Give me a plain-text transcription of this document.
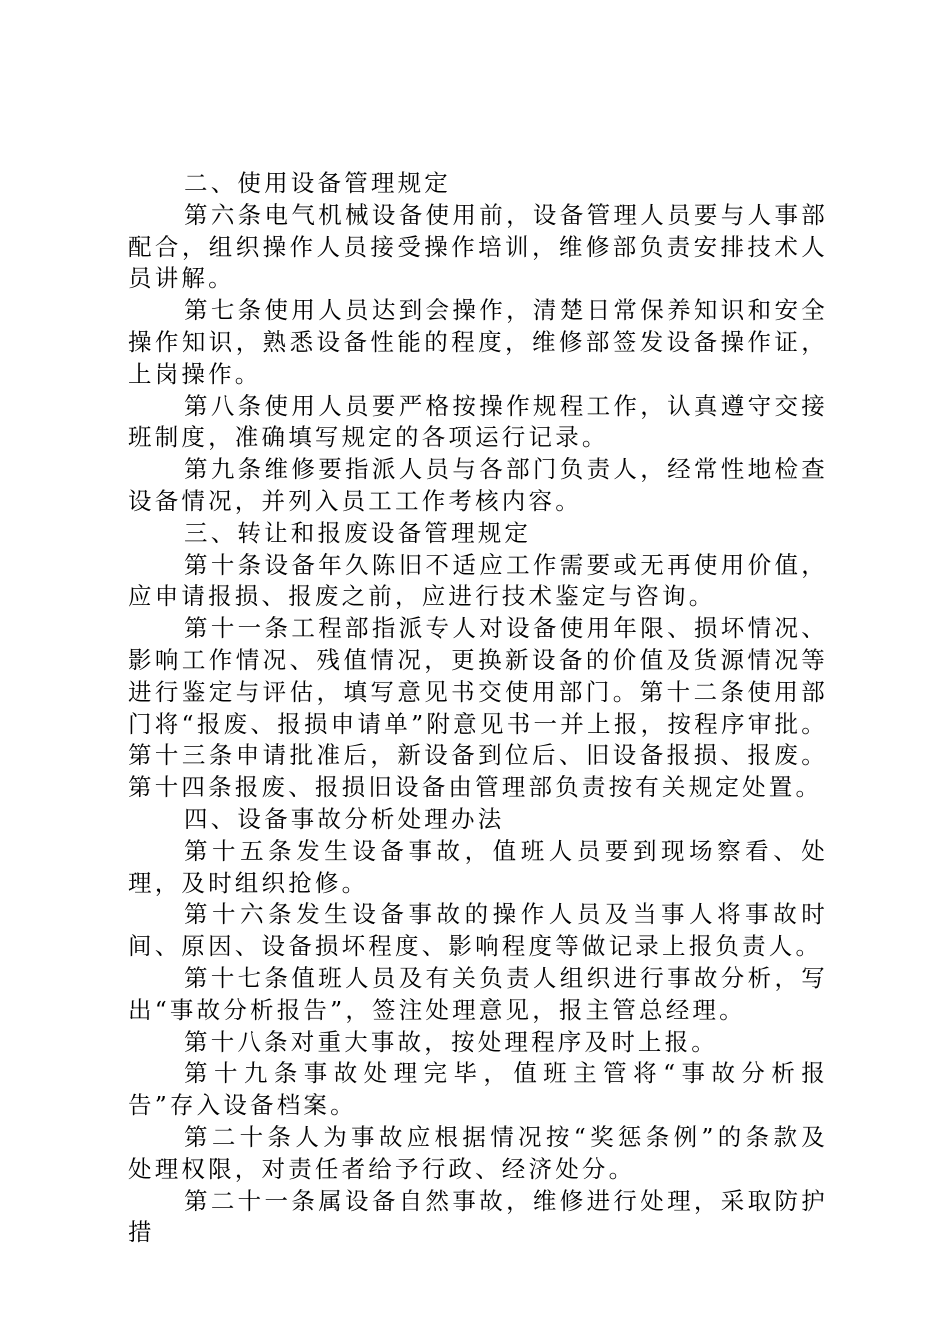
二、使用设备管理规定

第六条电气机械设备使用前，设备管理人员要与人事部配合，组织操作人员接受操作培训，维修部负责安排技术人员讲解。

第七条使用人员达到会操作，清楚日常保养知识和安全操作知识，熟悉设备性能的程度，维修部签发设备操作证，上岗操作。

第八条使用人员要严格按操作规程工作，认真遵守交接班制度，准确填写规定的各项运行记录。

第九条维修要指派人员与各部门负责人，经常性地检查设备情况，并列入员工工作考核内容。

三、转让和报废设备管理规定

第十条设备年久陈旧不适应工作需要或无再使用价值，应申请报损、报废之前，应进行技术鉴定与咨询。

第十一条工程部指派专人对设备使用年限、损坏情况、影响工作情况、残值情况，更换新设备的价值及货源情况等进行鉴定与评估，填写意见书交使用部门。第十二条使用部门将“报废、报损申请单”附意见书一并上报，按程序审批。第十三条申请批准后，新设备到位后、旧设备报损、报废。第十四条报废、报损旧设备由管理部负责按有关规定处置。

四、设备事故分析处理办法

第十五条发生设备事故，值班人员要到现场察看、处理，及时组织抢修。

第十六条发生设备事故的操作人员及当事人将事故时间、原因、设备损坏程度、影响程度等做记录上报负责人。

第十七条值班人员及有关负责人组织进行事故分析，写出“事故分析报告”，签注处理意见，报主管总经理。

第十八条对重大事故，按处理程序及时上报。

第十九条事故处理完毕，值班主管将“事故分析报告”存入设备档案。

第二十条人为事故应根据情况按“奖惩条例”的条款及处理权限，对责任者给予行政、经济处分。

第二十一条属设备自然事故，维修进行处理，采取防护措
